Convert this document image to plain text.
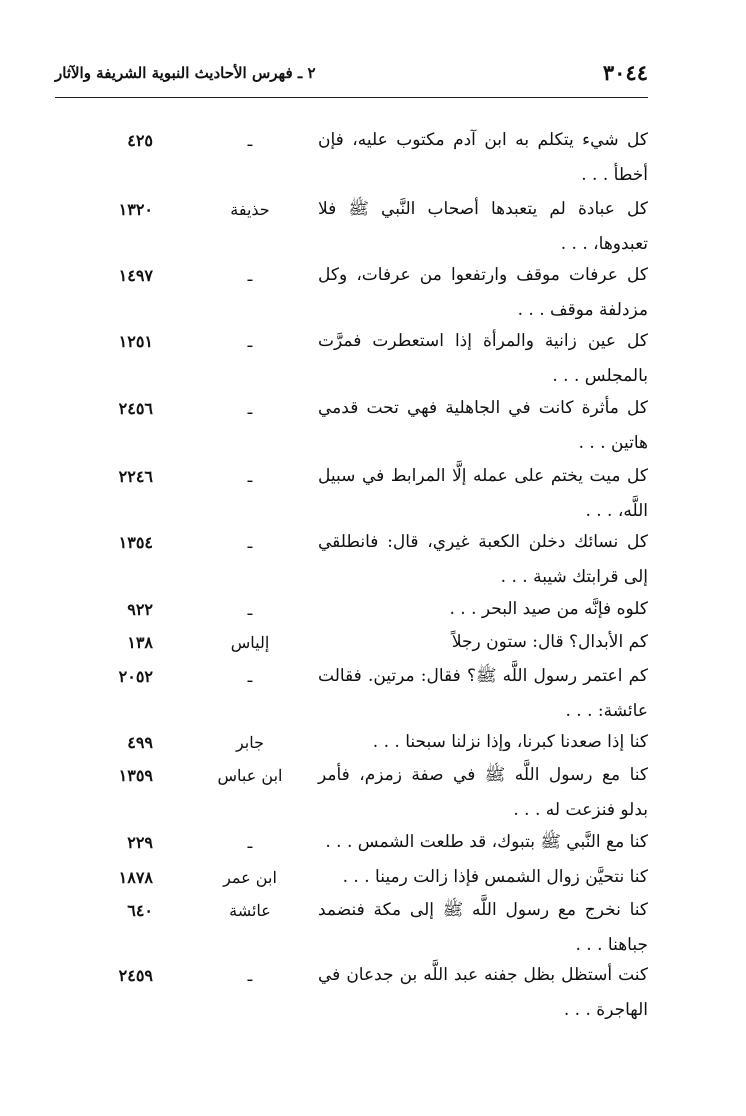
٣٠٤٤
٢ ـ فهرس الأحاديث النبوية الشريفة والآثار
كل شيء يتكلم به ابن آدم مكتوب عليه، فإن أخطأ . . .
ـ
٤٢٥
كل عبادة لم يتعبدها أصحاب النَّبي ﷺ فلا تعبدوها، . . .
حذيفة
١٣٢٠
كل عرفات موقف وارتفعوا من عرفات، وكل مزدلفة موقف . . .
ـ
١٤٩٧
كل عين زانية والمرأة إذا استعطرت فمرَّت بالمجلس . . .
ـ
١٢٥١
كل مأثرة كانت في الجاهلية فهي تحت قدمي هاتين . . .
ـ
٢٤٥٦
كل ميت يختم على عمله إلَّا المرابط في سبيل اللَّه، . . .
ـ
٢٢٤٦
كل نسائك دخلن الكعبة غيري، قال: فانطلقي إلى قرابتك شيبة . . .
ـ
١٣٥٤
كلوه فإنَّه من صيد البحر . . .
ـ
٩٢٢
كم الأبدال؟ قال: ستون رجلاً
إلياس
١٣٨
كم اعتمر رسول اللَّه ﷺ؟ فقال: مرتين. فقالت عائشة: . . .
ـ
٢٠٥٢
كنا إذا صعدنا كبرنا، وإذا نزلنا سبحنا . . .
جابر
٤٩٩
كنا مع رسول اللَّه ﷺ في صفة زمزم، فأمر بدلو فنزعت له . . .
ابن عباس
١٣٥٩
كنا مع النَّبي ﷺ بتبوك، قد طلعت الشمس . . .
ـ
٢٢٩
كنا نتحيَّن زوال الشمس فإذا زالت رمينا . . .
ابن عمر
١٨٧٨
كنا نخرج مع رسول اللَّه ﷺ إلى مكة فنضمد جباهنا . . .
عائشة
٦٤٠
كنت أستظل بظل جفنه عبد اللَّه بن جدعان في الهاجرة . . .
ـ
٢٤٥٩
